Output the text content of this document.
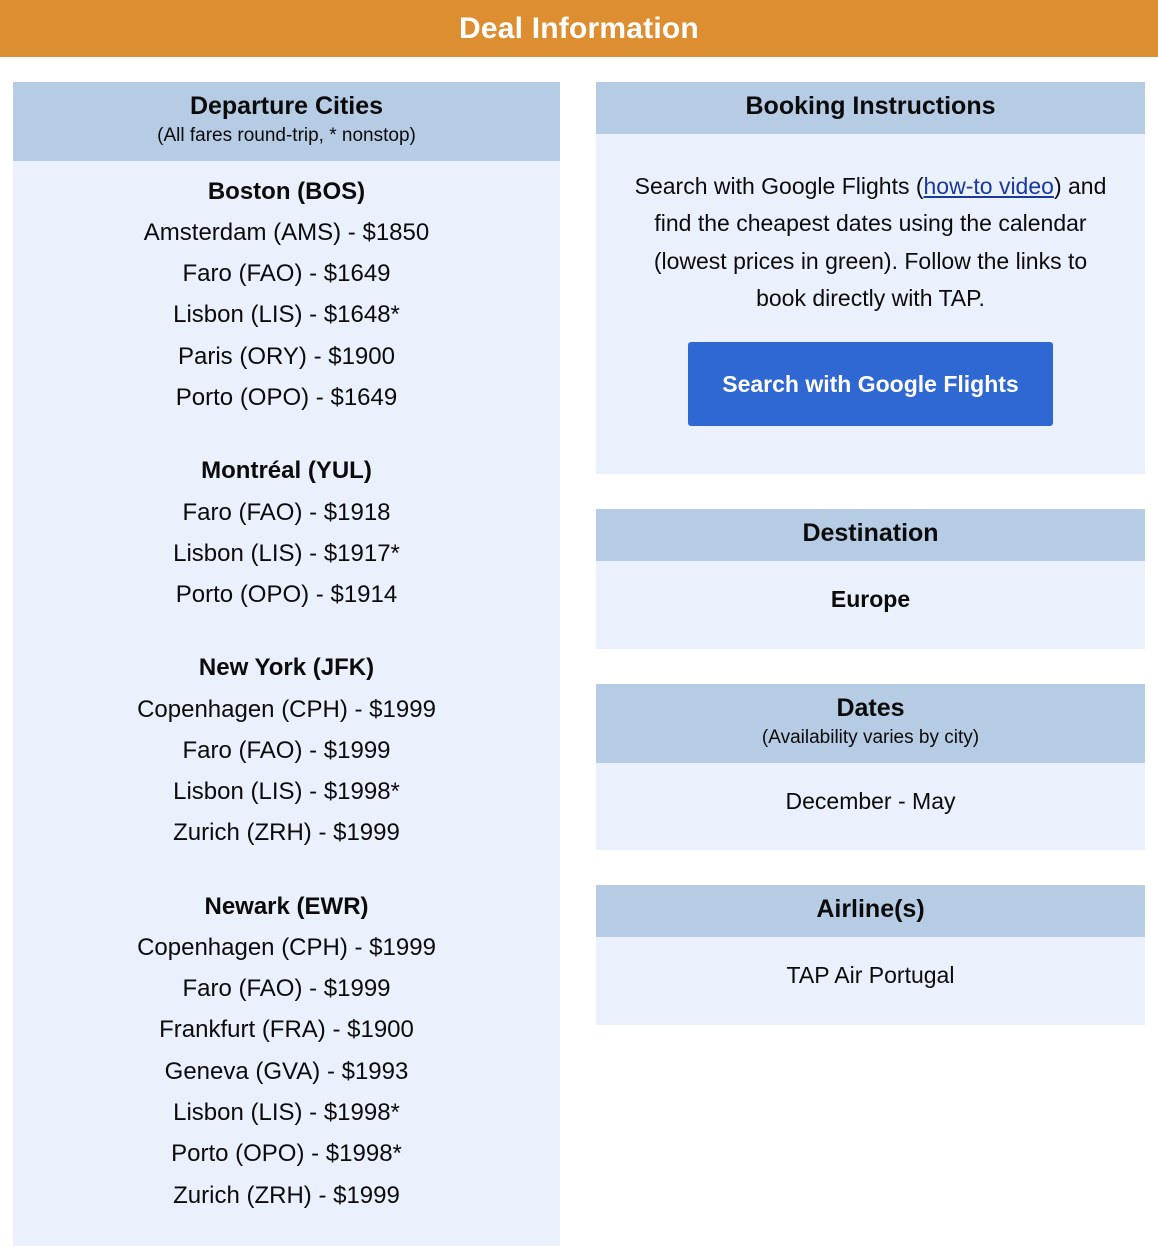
Deal Information
Departure Cities
(All fares round-trip, * nonstop)
Boston (BOS)
Amsterdam (AMS) - $1850
Faro (FAO) - $1649
Lisbon (LIS) - $1648*
Paris (ORY) - $1900
Porto (OPO) - $1649
Montréal (YUL)
Faro (FAO) - $1918
Lisbon (LIS) - $1917*
Porto (OPO) - $1914
New York (JFK)
Copenhagen (CPH) - $1999
Faro (FAO) - $1999
Lisbon (LIS) - $1998*
Zurich (ZRH) - $1999
Newark (EWR)
Copenhagen (CPH) - $1999
Faro (FAO) - $1999
Frankfurt (FRA) - $1900
Geneva (GVA) - $1993
Lisbon (LIS) - $1998*
Porto (OPO) - $1998*
Zurich (ZRH) - $1999
Booking Instructions
Search with Google Flights (how-to video) and find the cheapest dates using the calendar (lowest prices in green). Follow the links to book directly with TAP.
Search with Google Flights
Destination
Europe
Dates
(Availability varies by city)
December - May
Airline(s)
TAP Air Portugal
